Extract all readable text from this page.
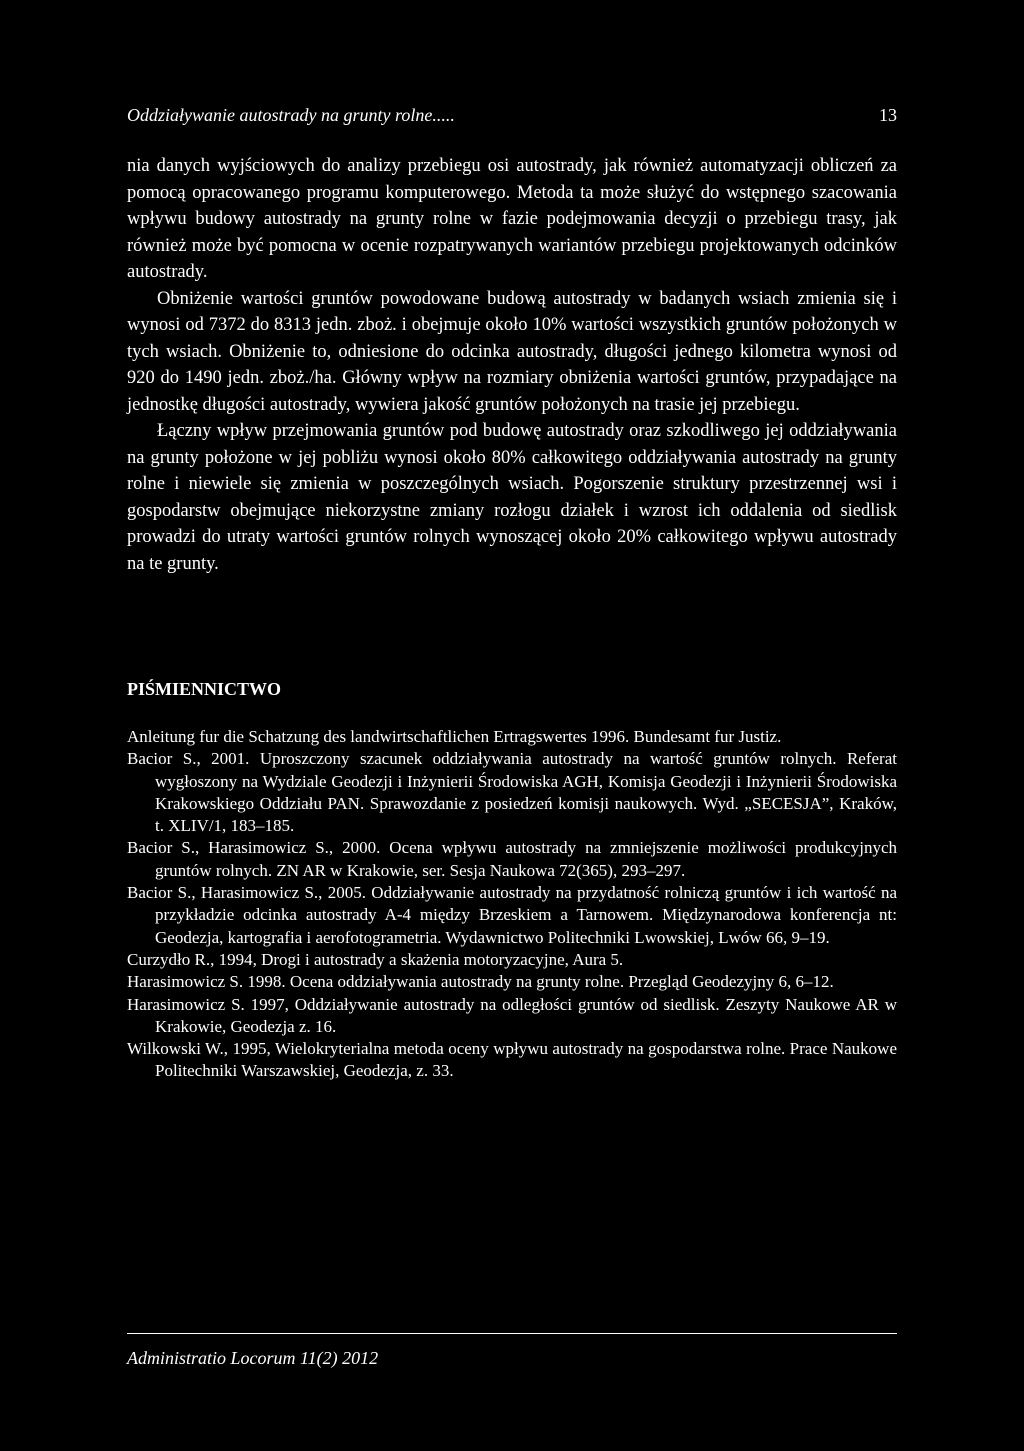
Oddziaływanie autostrady na grunty rolne.....	13

nia danych wyjściowych do analizy przebiegu osi autostrady, jak również automatyzacji obliczeń za pomocą opracowanego programu komputerowego. Metoda ta może służyć do wstępnego szacowania wpływu budowy autostrady na grunty rolne w fazie podejmowania decyzji o przebiegu trasy, jak również może być pomocna w ocenie rozpatrywanych wariantów przebiegu projektowanych odcinków autostrady.

Obniżenie wartości gruntów powodowane budową autostrady w badanych wsiach zmienia się i wynosi od 7372 do 8313 jedn. zboż. i obejmuje około 10% wartości wszystkich gruntów położonych w tych wsiach. Obniżenie to, odniesione do odcinka autostrady, długości jednego kilometra wynosi od 920 do 1490 jedn. zboż./ha. Główny wpływ na rozmiary obniżenia wartości gruntów, przypadające na jednostkę długości autostrady, wywiera jakość gruntów położonych na trasie jej przebiegu.

Łączny wpływ przejmowania gruntów pod budowę autostrady oraz szkodliwego jej oddziaływania na grunty położone w jej pobliżu wynosi około 80% całkowitego oddziaływania autostrady na grunty rolne i niewiele się zmienia w poszczególnych wsiach. Pogorszenie struktury przestrzennej wsi i gospodarstw obejmujące niekorzystne zmiany rozłogu działek i wzrost ich oddalenia od siedlisk prowadzi do utraty wartości gruntów rolnych wynoszącej około 20% całkowitego wpływu autostrady na te grunty.

PIŚMIENNICTWO

Anleitung fur die Schatzung des landwirtschaftlichen Ertragswertes 1996. Bundesamt fur Justiz.

Bacior S., 2001. Uproszczony szacunek oddziaływania autostrady na wartość gruntów rolnych. Referat wygłoszony na Wydziale Geodezji i Inżynierii Środowiska AGH, Komisja Geodezji i Inżynierii Środowiska Krakowskiego Oddziału PAN. Sprawozdanie z posiedzeń komisji naukowych. Wyd. „SECESJA”, Kraków, t. XLIV/1, 183–185.

Bacior S., Harasimowicz S., 2000. Ocena wpływu autostrady na zmniejszenie możliwości produkcyjnych gruntów rolnych. ZN AR w Krakowie, ser. Sesja Naukowa 72(365), 293–297.

Bacior S., Harasimowicz S., 2005. Oddziaływanie autostrady na przydatność rolniczą gruntów i ich wartość na przykładzie odcinka autostrady A-4 między Brzeskiem a Tarnowem. Międzynarodowa konferencja nt: Geodezja, kartografia i aerofotogrametria. Wydawnictwo Politechniki Lwowskiej, Lwów 66, 9–19.

Curzydło R., 1994, Drogi i autostrady a skażenia motoryzacyjne, Aura 5.

Harasimowicz S. 1998. Ocena oddziaływania autostrady na grunty rolne. Przegląd Geodezyjny 6, 6–12.

Harasimowicz S. 1997, Oddziaływanie autostrady na odległości gruntów od siedlisk. Zeszyty Naukowe AR w Krakowie, Geodezja z. 16.

Wilkowski W., 1995, Wielokryterialna metoda oceny wpływu autostrady na gospodarstwa rolne. Prace Naukowe Politechniki Warszawskiej, Geodezja, z. 33.

Administratio Locorum 11(2) 2012
